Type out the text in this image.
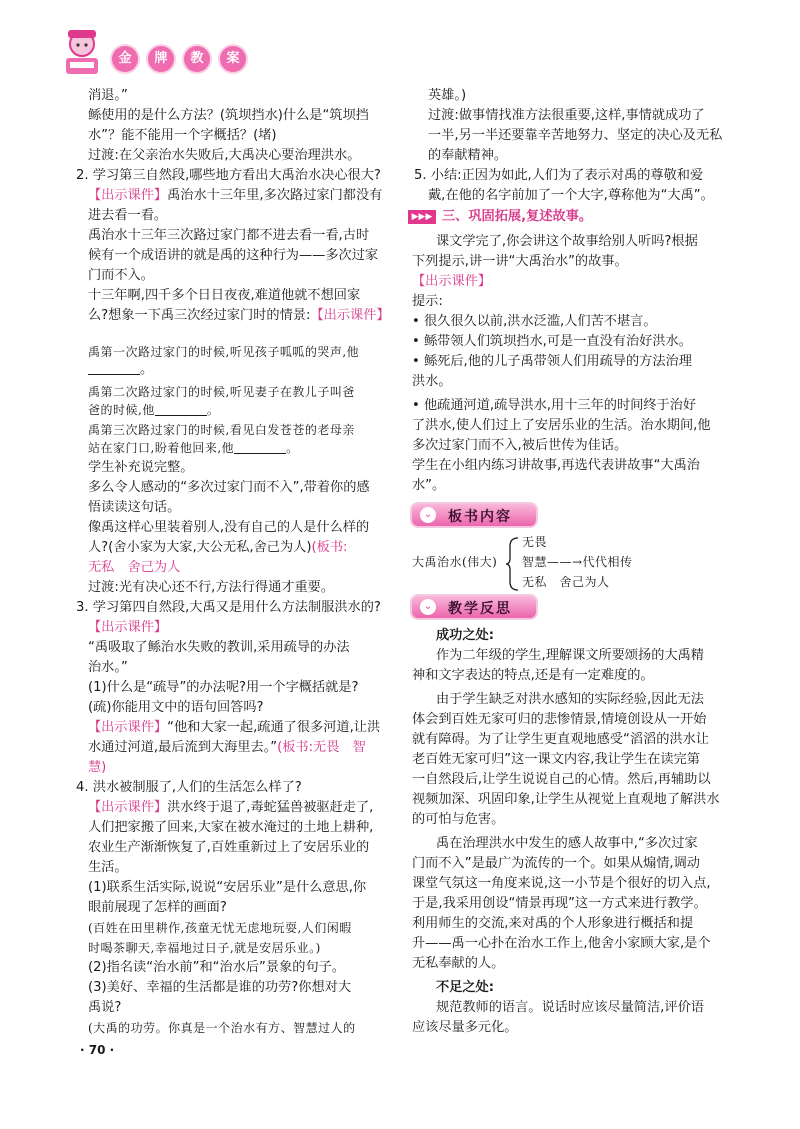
金	牌	教	案
消退。”
鲧使用的是什么方法？(筑坝挡水)什么是“筑坝挡
水”？能不能用一个字概括？(堵)
过渡:在父亲治水失败后,大禹决心要治理洪水。
2. 学习第三自然段,哪些地方看出大禹治水决心很大?
【出示课件】禹治水十三年里,多次路过家门都没有
进去看一看。
禹治水十三年三次路过家门都不进去看一看,古时
候有一个成语讲的就是禹的这种行为——多次过家
门而不入。
十三年啊,四千多个日日夜夜,难道他就不想回家
么?想象一下禹三次经过家门时的情景:【出示课件】
禹第一次路过家门的时候,听见孩子呱呱的哭声,他
。
禹第二次路过家门的时候,听见妻子在教儿子叫爸
爸的时候,他	。
禹第三次路过家门的时候,看见白发苍苍的老母亲
站在家门口,盼着他回来,他	。
学生补充说完整。
多么令人感动的“多次过家门而不入”,带着你的感
悟读读这句话。
像禹这样心里装着别人,没有自己的人是什么样的
人?(舍小家为大家,大公无私,舍己为人)(板书:
无私　舍己为人
过渡:光有决心还不行,方法行得通才重要。
3. 学习第四自然段,大禹又是用什么方法制服洪水的?
【出示课件】
“禹吸取了鲧治水失败的教训,采用疏导的办法
治水。”
(1)什么是“疏导”的办法呢?用一个字概括就是?
(疏)你能用文中的语句回答吗?
【出示课件】“他和大家一起,疏通了很多河道,让洪
水通过河道,最后流到大海里去。”(板书:无畏　智
慧)
4. 洪水被制服了,人们的生活怎么样了?
【出示课件】洪水终于退了,毒蛇猛兽被驱赶走了,
人们把家搬了回来,大家在被水淹过的土地上耕种,
农业生产渐渐恢复了,百姓重新过上了安居乐业的
生活。
(1)联系生活实际,说说“安居乐业”是什么意思,你
眼前展现了怎样的画面?
(百姓在田里耕作,孩童无忧无虑地玩耍,人们闲暇
时喝茶聊天,幸福地过日子,就是安居乐业。)
(2)指名读“治水前”和“治水后”景象的句子。
(3)美好、幸福的生活都是谁的功劳?你想对大
禹说?
(大禹的功劳。你真是一个治水有方、智慧过人的
· 70 ·
英雄。)
过渡:做事情找准方法很重要,这样,事情就成功了
一半,另一半还要靠辛苦地努力、坚定的决心及无私
的奉献精神。
5. 小结:正因为如此,人们为了表示对禹的尊敬和爱
戴,在他的名字前加了一个大字,尊称他为“大禹”。
▶▶▶ 三、巩固拓展,复述故事。
课文学完了,你会讲这个故事给别人听吗?根据
下列提示,讲一讲“大禹治水”的故事。
【出示课件】
提示:
• 很久很久以前,洪水泛滥,人们苦不堪言。
• 鲧带领人们筑坝挡水,可是一直没有治好洪水。
• 鲧死后,他的儿子禹带领人们用疏导的方法治理
洪水。
• 他疏通河道,疏导洪水,用十三年的时间终于治好
了洪水,使人们过上了安居乐业的生活。治水期间,他
多次过家门而不入,被后世传为佳话。
学生在小组内练习讲故事,再选代表讲故事“大禹治
水”。
⌄ 板书内容
大禹治水(伟大)
无畏
智慧——→代代相传
无私　舍己为人
⌄ 教学反思
成功之处:
作为二年级的学生,理解课文所要颂扬的大禹精
神和文字表达的特点,还是有一定难度的。
由于学生缺乏对洪水感知的实际经验,因此无法
体会到百姓无家可归的悲惨情景,情境创设从一开始
就有障碍。为了让学生更直观地感受“滔滔的洪水让
老百姓无家可归”这一课文内容,我让学生在读完第
一自然段后,让学生说说自己的心情。然后,再辅助以
视频加深、巩固印象,让学生从视觉上直观地了解洪水
的可怕与危害。
禹在治理洪水中发生的感人故事中,“多次过家
门而不入”是最广为流传的一个。如果从煽情,调动
课堂气氛这一角度来说,这一小节是个很好的切入点,
于是,我采用创设“情景再现”这一方式来进行教学。
利用师生的交流,来对禹的个人形象进行概括和提
升——禹一心扑在治水工作上,他舍小家顾大家,是个
无私奉献的人。
不足之处:
规范教师的语言。说话时应该尽量简洁,评价语
应该尽量多元化。
